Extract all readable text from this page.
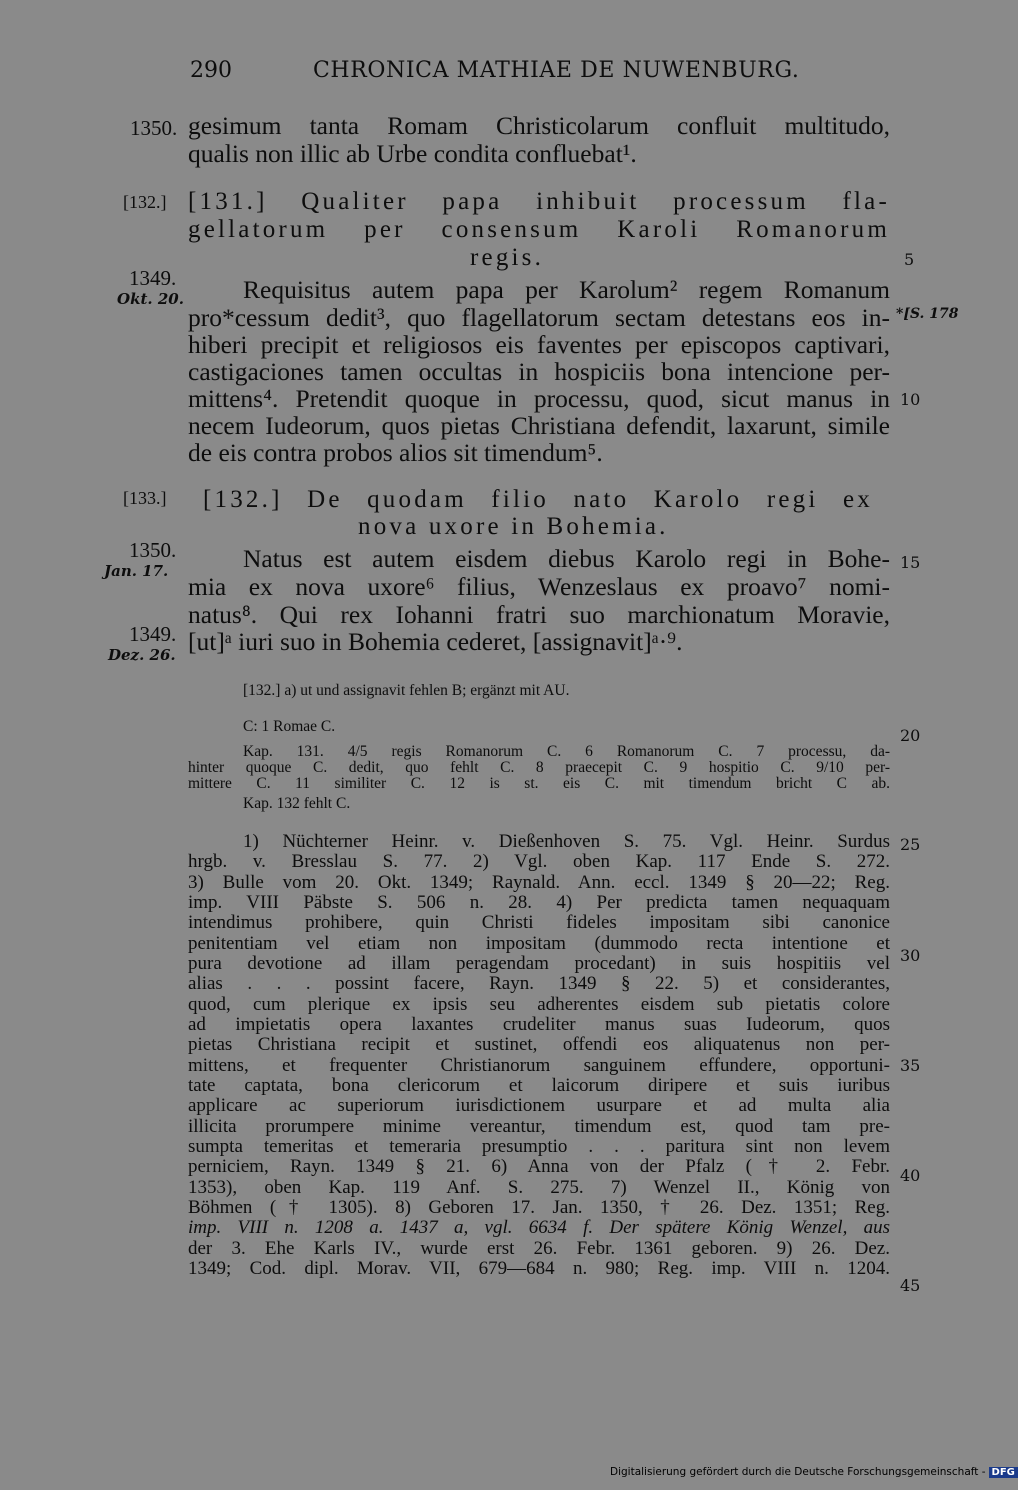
290	CHRONICA MATHIAE DE NUWENBURG.
1350.
[132.]
1349.
Okt. 20.
[133.]
1350.
Jan. 17.
1349.
Dez. 26.
5
*[S. 178
10
15
20
25
30
35
40
45
gesimum tanta Romam Christicolarum confluit multitudo,
qualis non illic ab Urbe condita confluebat¹.
[131.] Qualiter papa inhibuit processum fla-
gellatorum per consensum Karoli Romanorum
regis.
Requisitus autem papa per Karolum² regem Romanum
pro*cessum dedit³, quo flagellatorum sectam detestans eos in-
hiberi precipit et religiosos eis faventes per episcopos captivari,
castigaciones tamen occultas in hospiciis bona intencione per-
mittens⁴. Pretendit quoque in processu, quod, sicut manus in
necem Iudeorum, quos pietas Christiana defendit, laxarunt, simile
de eis contra probos alios sit timendum⁵.
[132.] De quodam filio nato Karolo regi ex
nova uxore in Bohemia.
Natus est autem eisdem diebus Karolo regi in Bohe-
mia ex nova uxore⁶ filius, Wenzeslaus ex proavo⁷ nomi-
natus⁸. Qui rex Iohanni fratri suo marchionatum Moravie,
[ut]ᵃ iuri suo in Bohemia cederet, [assignavit]ᵃ·⁹.
[132.] a) ut und assignavit fehlen B; ergänzt mit AU.
C: 1 Romae C.
Kap. 131. 4/5 regis Romanorum C. 6 Romanorum C. 7 processu, da-
hinter quoque C. dedit, quo fehlt C. 8 praecepit C. 9 hospitio C. 9/10 per-
mittere C. 11 similiter C. 12 is st. eis C. mit timendum bricht C ab.
Kap. 132 fehlt C.
1) Nüchterner Heinr. v. Dießenhoven S. 75. Vgl. Heinr. Surdus
hrgb. v. Bresslau S. 77. 2) Vgl. oben Kap. 117 Ende S. 272.
3) Bulle vom 20. Okt. 1349; Raynald. Ann. eccl. 1349 § 20—22; Reg.
imp. VIII Päbste S. 506 n. 28. 4) Per predicta tamen nequaquam
intendimus prohibere, quin Christi fideles impositam sibi canonice
penitentiam vel etiam non impositam (dummodo recta intentione et
pura devotione ad illam peragendam procedant) in suis hospitiis vel
alias . . . possint facere, Rayn. 1349 § 22. 5) et considerantes,
quod, cum plerique ex ipsis seu adherentes eisdem sub pietatis colore
ad impietatis opera laxantes crudeliter manus suas Iudeorum, quos
pietas Christiana recipit et sustinet, offendi eos aliquatenus non per-
mittens, et frequenter Christianorum sanguinem effundere, opportuni-
tate captata, bona clericorum et laicorum diripere et suis iuribus
applicare ac superiorum iurisdictionem usurpare et ad multa alia
illicita prorumpere minime vereantur, timendum est, quod tam pre-
sumpta temeritas et temeraria presumptio . . . paritura sint non levem
perniciem, Rayn. 1349 § 21. 6) Anna von der Pfalz († 2. Febr.
1353), oben Kap. 119 Anf. S. 275. 7) Wenzel II., König von
Böhmen († 1305). 8) Geboren 17. Jan. 1350, † 26. Dez. 1351; Reg.
imp. VIII n. 1208 a. 1437 a, vgl. 6634 f. Der spätere König Wenzel, aus
der 3. Ehe Karls IV., wurde erst 26. Febr. 1361 geboren. 9) 26. Dez.
1349; Cod. dipl. Morav. VII, 679—684 n. 980; Reg. imp. VIII n. 1204.
Digitalisierung gefördert durch die Deutsche Forschungsgemeinschaft - DFG
